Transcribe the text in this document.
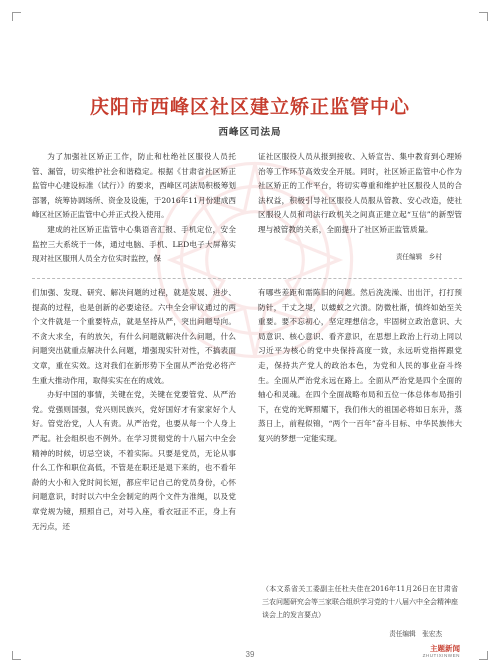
庆阳市西峰区社区建立矫正监管中心
西峰区司法局

为了加强社区矫正工作，防止和杜绝社区服役人员托管、漏管，切实维护社会和谐稳定。根据《甘肃省社区矫正监管中心建设标准（试行）》的要求，西峰区司法局积极筹划部署，统筹协调场所、资金及设施，于2016年11月份建成西峰区社区矫正监管中心并正式投入使用。

建成的社区矫正监管中心集语音汇报、手机定位，安全监控三大系统于一体，通过电脑、手机、LED电子大屏幕实现对社区服刑人员全方位实时监控，保

证社区服役人员从报到接收、入矫宣告、集中教育到心理矫治等工作环节高效安全开展。同时，社区矫正监管中心作为社区矫正的工作平台，将切实尊重和维护社区服役人员的合法权益，积极引导社区服役人员服从管教、安心改造，使社区服役人员和司法行政机关之间真正建立起“互信”的新型管理与被管教的关系，全面提升了社区矫正监管质量。

责任编辑　乡村

们加强、发现、研究、解决问题的过程，就是发展、进步、提高的过程，也是创新的必要途径。六中全会审议通过的两个文件就是一个重要特点，就是坚持从严，突出问题导向。不贪大求全，有的放矢，有什么问题就解决什么问题，什么问题突出就重点解决什么问题，增强现实针对性，不搞表面文章，重在实效。这对我们在新形势下全面从严治党必将产生重大推动作用，取得实实在在的成效。

办好中国的事情，关键在党，关键在党要管党、从严治党。党强则国强，党兴则民族兴，党好国好才有家家好个人好。管党治党，人人有责。从严治党，也要从每一个人身上严起。社会组织也不例外。在学习贯彻党的十八届六中全会精神的时候，切忌空谈，不着实际。只要是党员，无论从事什么工作和职位高低，不管是在职还是退下来的，也不看年龄的大小和入党时间长短，都应牢记自己的党员身份，心怀问题意识，时时以六中全会制定的两个文件为准绳，以及党章党规为镜，照照自己，对号入座，看衣冠正不正，身上有无污点，还

有哪些差距和需陈旧的问题。然后洗洗澡、出出汗，打打预防针，干丈之堤，以蝼蚁之穴溃。防微杜渐，慎终如始至关重要。要不忘初心，坚定理想信念，牢固树立政治意识、大局意识、核心意识、看齐意识，在思想上政治上行动上同以习近平为核心的党中央保持高度一致，永远听党指挥跟党走，保持共产党人的政治本色，为党和人民的事业奋斗终生。全面从严治党永远在路上。全面从严治党是四个全面的轴心和灵魂。在四个全面战略布局和五位一体总体布局指引下，在党的光辉照耀下，我们伟大的祖国必将如日东升，蒸蒸日上，前程似锦，“两个一百年”奋斗目标、中华民族伟大复兴的梦想一定能实现。

（本文系省关工委副主任杜夫佳在2016年11月26日在甘肃省三农问题研究会等三家联合组织学习党的十八届六中全会精神座谈会上的发言要点）
责任编辑　张宏杰
39
主题新闻
ZHUTIXINWEN
